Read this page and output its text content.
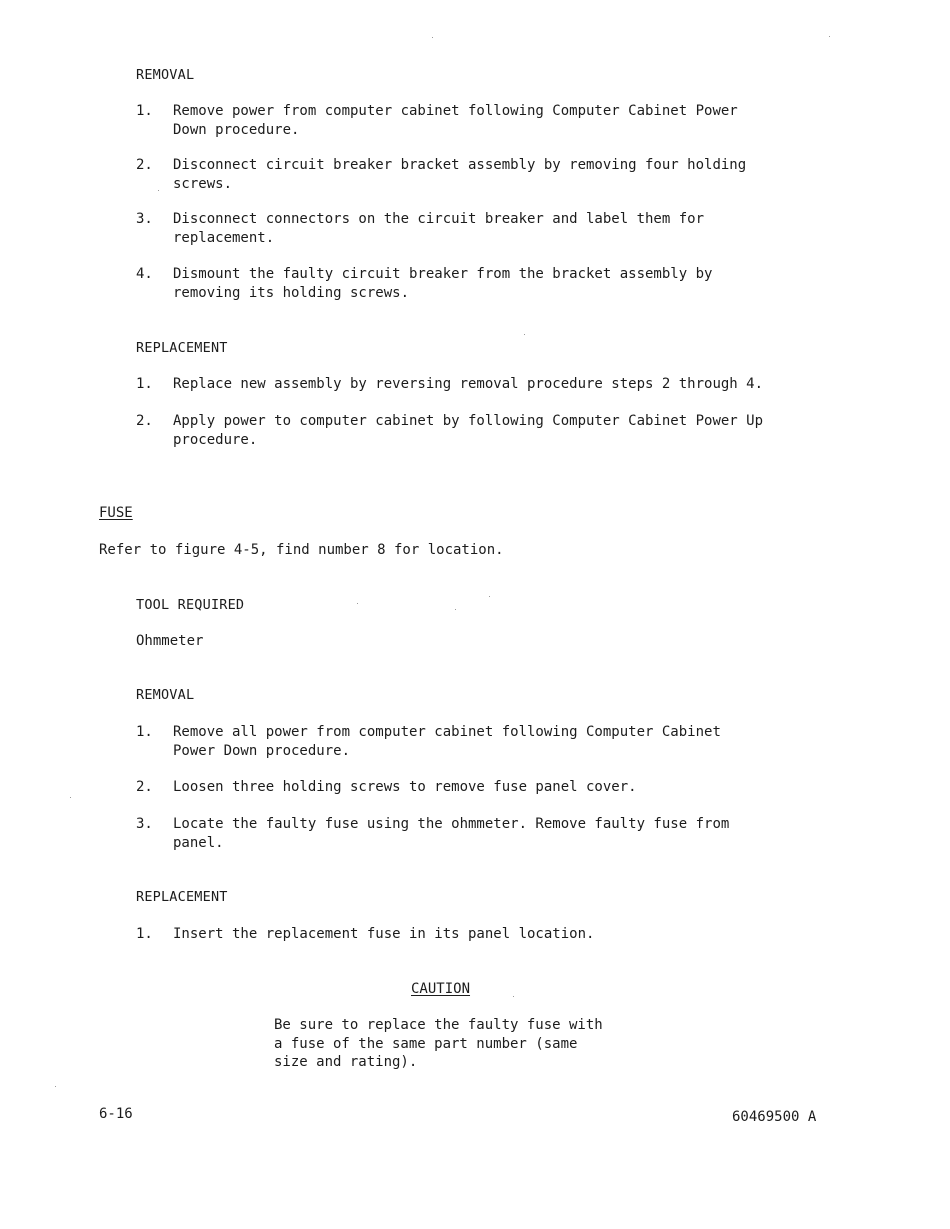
REMOVAL
1.	Remove power from computer cabinet following Computer Cabinet Power
Down procedure.
2.	Disconnect circuit breaker bracket assembly by removing four holding
screws.
3.	Disconnect connectors on the circuit breaker and label them for
replacement.
4.	Dismount the faulty circuit breaker from the bracket assembly by
removing its holding screws.
REPLACEMENT
1.	Replace new assembly by reversing removal procedure steps 2 through 4.
2.	Apply power to computer cabinet by following Computer Cabinet Power Up
procedure.
FUSE
Refer to figure 4-5, find number 8 for location.
TOOL REQUIRED
Ohmmeter
REMOVAL
1.	Remove all power from computer cabinet following Computer Cabinet
Power Down procedure.
2.	Loosen three holding screws to remove fuse panel cover.
3.	Locate the faulty fuse using the ohmmeter. Remove faulty fuse from
panel.
REPLACEMENT
1.	Insert the replacement fuse in its panel location.
CAUTION
Be sure to replace the faulty fuse with
a fuse of the same part number (same
size and rating).
6-16	60469500 A
